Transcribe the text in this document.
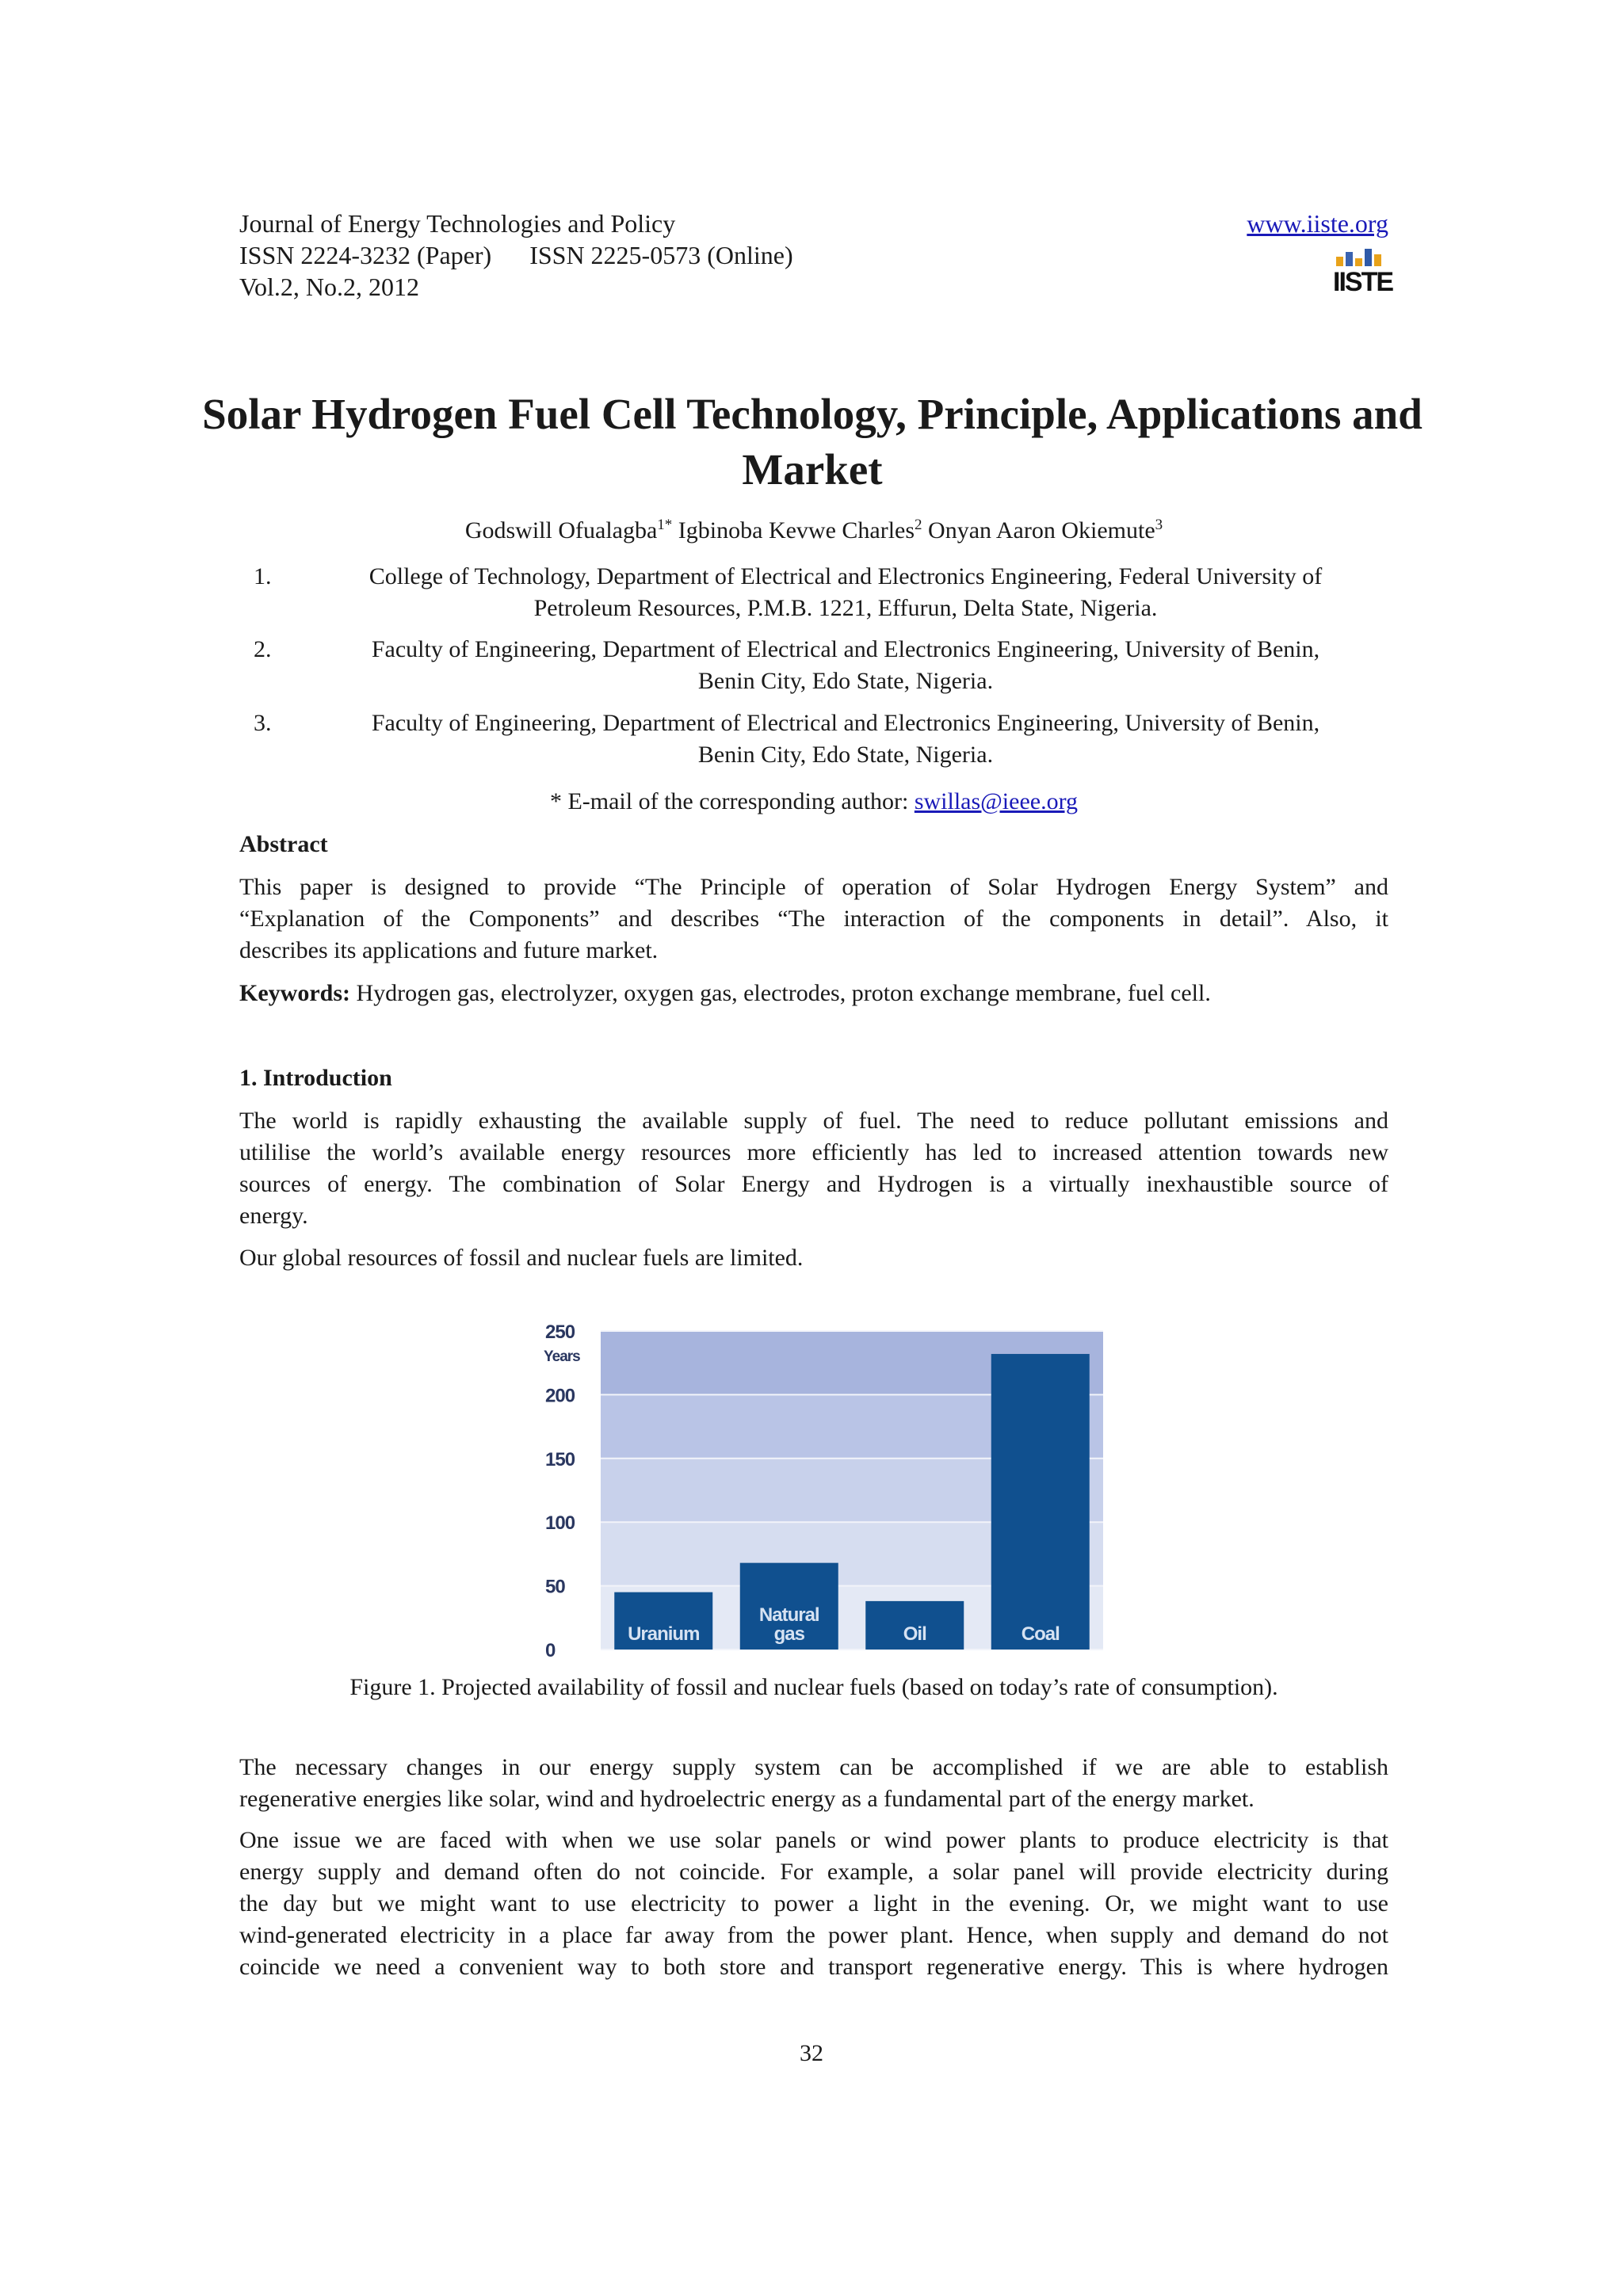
Journal of Energy Technologies and Policy
ISSN 2224-3232 (Paper) ISSN 2225-0573 (Online)
Vol.2, No.2, 2012
www.iiste.org
IISTE
Solar Hydrogen Fuel Cell Technology, Principle, Applications and Market
Godswill Ofualagba$^{1*}$ Igbinoba Kevwe Charles$^2$ Onyan Aaron Okiemute$^3$
1.	College of Technology, Department of Electrical and Electronics Engineering, Federal University of
Petroleum Resources, P.M.B. 1221, Effurun, Delta State, Nigeria.
2.	Faculty of Engineering, Department of Electrical and Electronics Engineering, University of Benin,
Benin City, Edo State, Nigeria.
3.	Faculty of Engineering, Department of Electrical and Electronics Engineering, University of Benin,
Benin City, Edo State, Nigeria.
* E-mail of the corresponding author: swillas@ieee.org
Abstract
This paper is designed to provide “The Principle of operation of Solar Hydrogen Energy System” and
“Explanation of the Components” and describes “The interaction of the components in detail”. Also, it
describes its applications and future market.
Keywords: Hydrogen gas, electrolyzer, oxygen gas, electrodes, proton exchange membrane, fuel cell.
1. Introduction
The world is rapidly exhausting the available supply of fuel. The need to reduce pollutant emissions and
utililise the world’s available energy resources more efficiently has led to increased attention towards new
sources of energy. The combination of Solar Energy and Hydrogen is a virtually inexhaustible source of
energy.
Our global resources of fossil and nuclear fuels are limited.
0
50
100
150
200
250
Years
Uranium
Natural
gas	Oil	Coal
Figure 1. Projected availability of fossil and nuclear fuels (based on today’s rate of consumption).
The necessary changes in our energy supply system can be accomplished if we are able to establish
regenerative energies like solar, wind and hydroelectric energy as a fundamental part of the energy market.
One issue we are faced with when we use solar panels or wind power plants to produce electricity is that
energy supply and demand often do not coincide. For example, a solar panel will provide electricity during
the day but we might want to use electricity to power a light in the evening. Or, we might want to use
wind-generated electricity in a place far away from the power plant. Hence, when supply and demand do not
coincide we need a convenient way to both store and transport regenerative energy. This is where hydrogen
32
